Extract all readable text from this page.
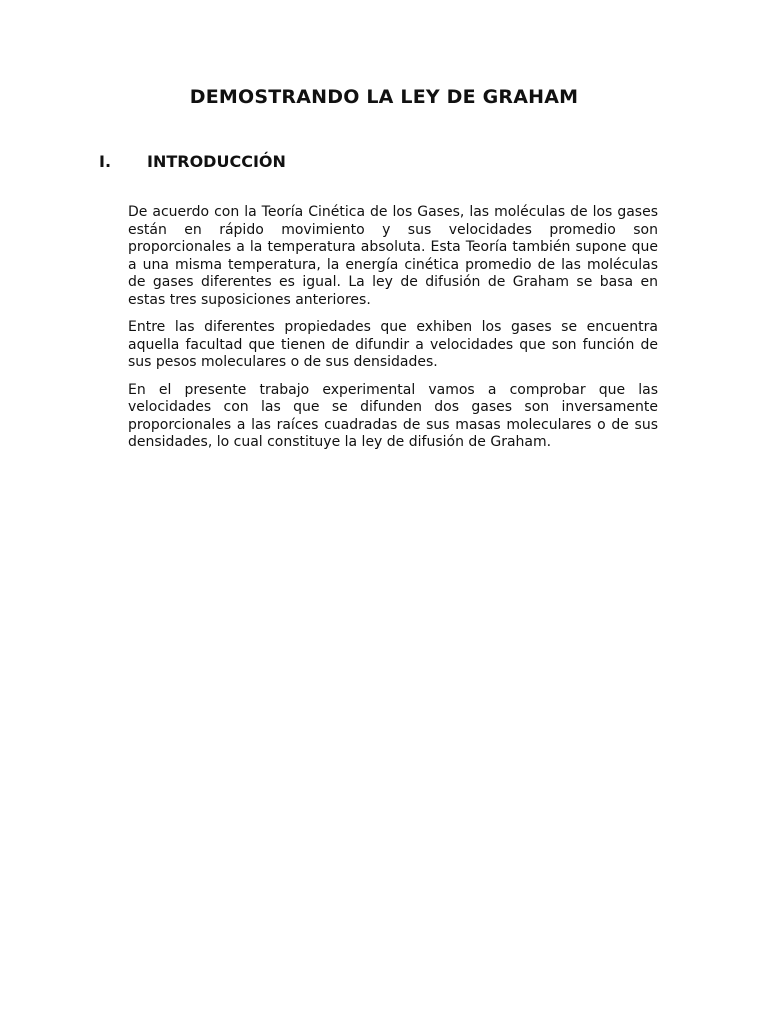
DEMOSTRANDO LA LEY DE GRAHAM
I.	INTRODUCCIÓN

De acuerdo con la Teoría Cinética de los Gases, las moléculas de los gases están en rápido movimiento y sus velocidades promedio son proporcionales a la temperatura absoluta. Esta Teoría también supone que a una misma temperatura, la energía cinética promedio de las moléculas de gases diferentes es igual. La ley de difusión de Graham se basa en estas tres suposiciones anteriores.

Entre las diferentes propiedades que exhiben los gases se encuentra aquella facultad que tienen de difundir a velocidades que son función de sus pesos moleculares o de sus densidades.

En el presente trabajo experimental vamos a comprobar que las velocidades con las que se difunden dos gases son inversamente proporcionales a las raíces cuadradas de sus masas moleculares o de sus densidades, lo cual constituye la ley de difusión de Graham.
